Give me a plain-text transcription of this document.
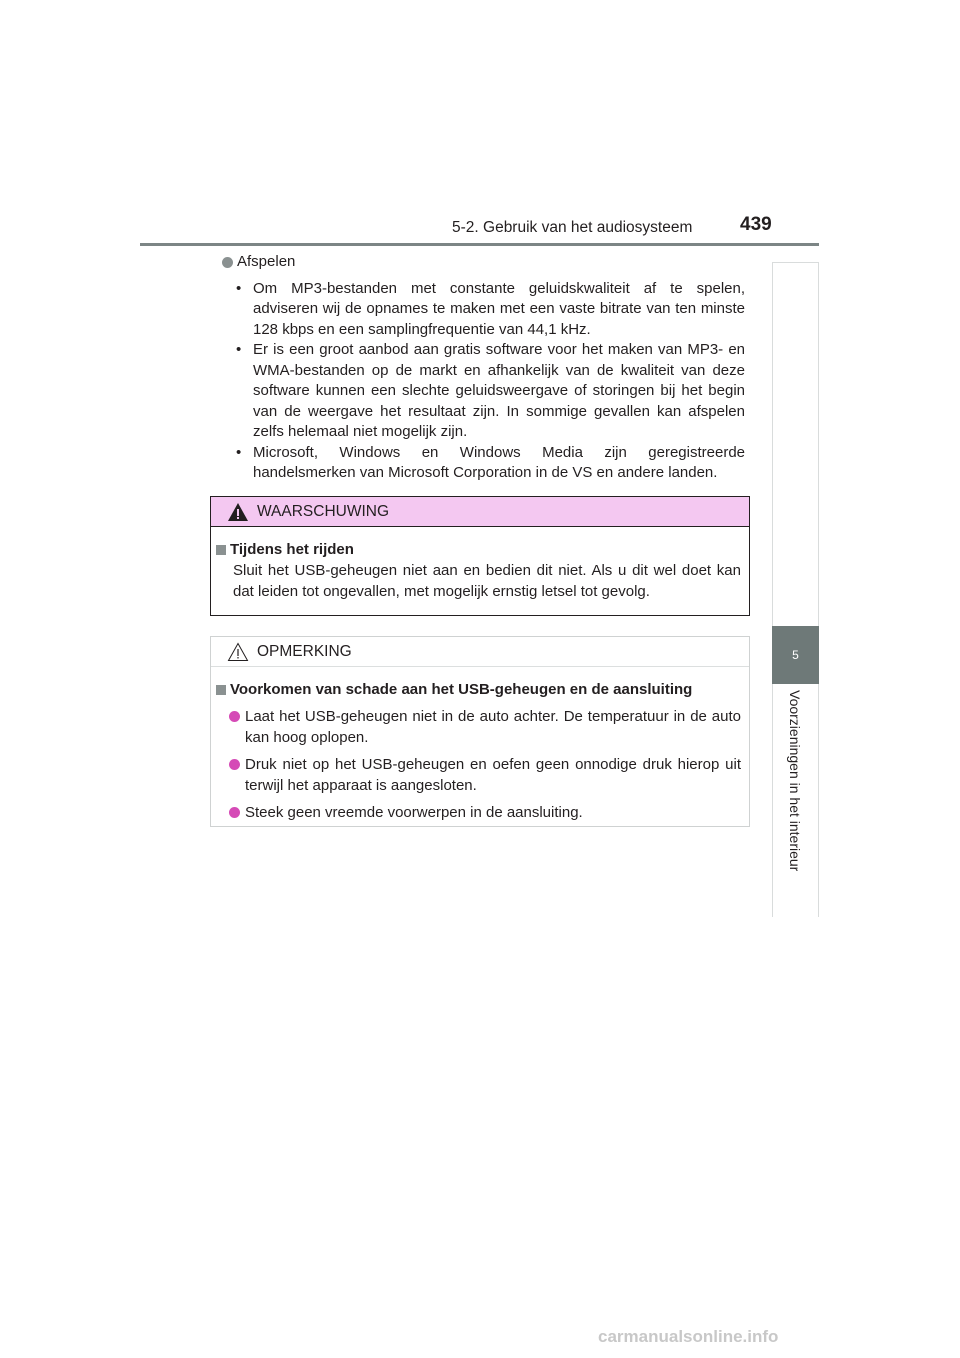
5-2. Gebruik van het audiosysteem	439
5
Voorzieningen in het interieur
Afspelen
• Om MP3-bestanden met constante geluidskwaliteit af te spelen, adviseren wij de opnames te maken met een vaste bitrate van ten minste 128 kbps en een samplingfrequentie van 44,1 kHz.
• Er is een groot aanbod aan gratis software voor het maken van MP3- en WMA-bestanden op de markt en afhankelijk van de kwaliteit van deze software kunnen een slechte geluidsweergave of storingen bij het begin van de weergave het resultaat zijn. In sommige gevallen kan afspelen zelfs helemaal niet mogelijk zijn.
• Microsoft, Windows en Windows Media zijn geregistreerde handelsmerken van Microsoft Corporation in de VS en andere landen.
WAARSCHUWING
Tijdens het rijden
Sluit het USB-geheugen niet aan en bedien dit niet. Als u dit wel doet kan dat leiden tot ongevallen, met mogelijk ernstig letsel tot gevolg.
OPMERKING
Voorkomen van schade aan het USB-geheugen en de aansluiting
Laat het USB-geheugen niet in de auto achter. De temperatuur in de auto kan hoog oplopen.
Druk niet op het USB-geheugen en oefen geen onnodige druk hierop uit terwijl het apparaat is aangesloten.
Steek geen vreemde voorwerpen in de aansluiting.
carmanualsonline.info
